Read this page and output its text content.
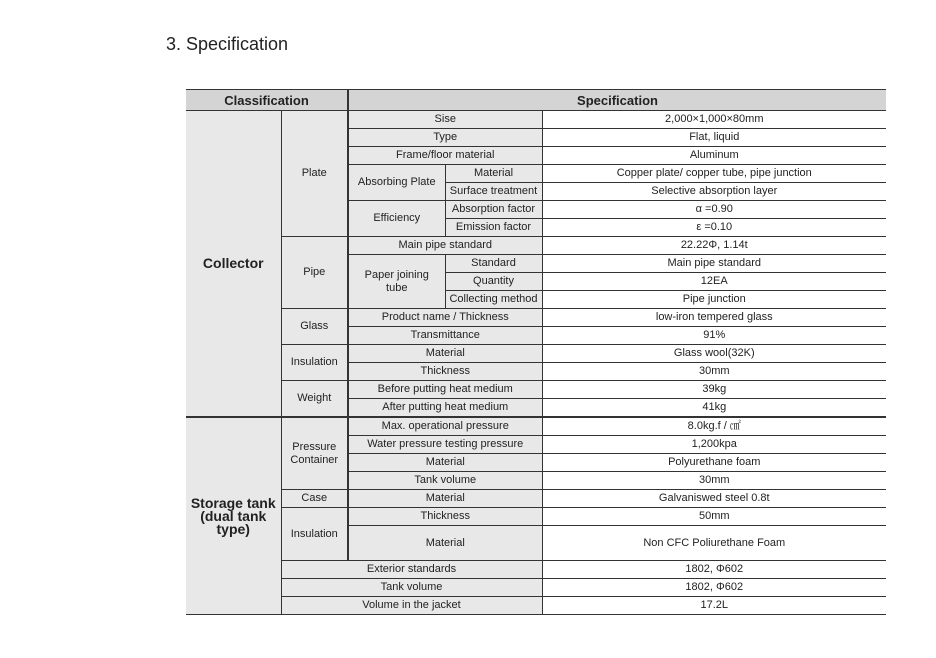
3. Specification
Classification		Specification		
Collector	Plate	Sise		2,000×1,000×80mm
		Type		Flat, liquid
		Frame/floor material		Aluminum
		Absorbing Plate	Material	Copper plate/ copper tube, pipe junction
			Surface treatment	Selective absorption layer
		Efficiency	Absorption factor	α =0.90
			Emission factor	ε =0.10
	Pipe	Main pipe standard		22.22Φ, 1.14t
		Paper joining tube	Standard	Main pipe standard
			Quantity	12EA
			Collecting method	Pipe junction
	Glass	Product name / Thickness		low-iron tempered glass
		Transmittance		91%
	Insulation	Material		Glass wool(32K)
		Thickness		30mm
	Weight	Before putting heat medium		39kg
		After putting heat medium		41kg
Storage tank (dual tank type)	Pressure Container	Max. operational pressure		8.0kg.f / ㎠
		Water pressure testing pressure		1,200kpa
		Material		Polyurethane foam
		Tank volume		30mm
	Case	Material		Galvaniswed steel 0.8t
	Insulation	Thickness		50mm
		Material		Non CFC Poliurethane Foam
	Exterior standards			1802, Φ602
	Tank volume			1802, Φ602
	Volume in the jacket			17.2L
